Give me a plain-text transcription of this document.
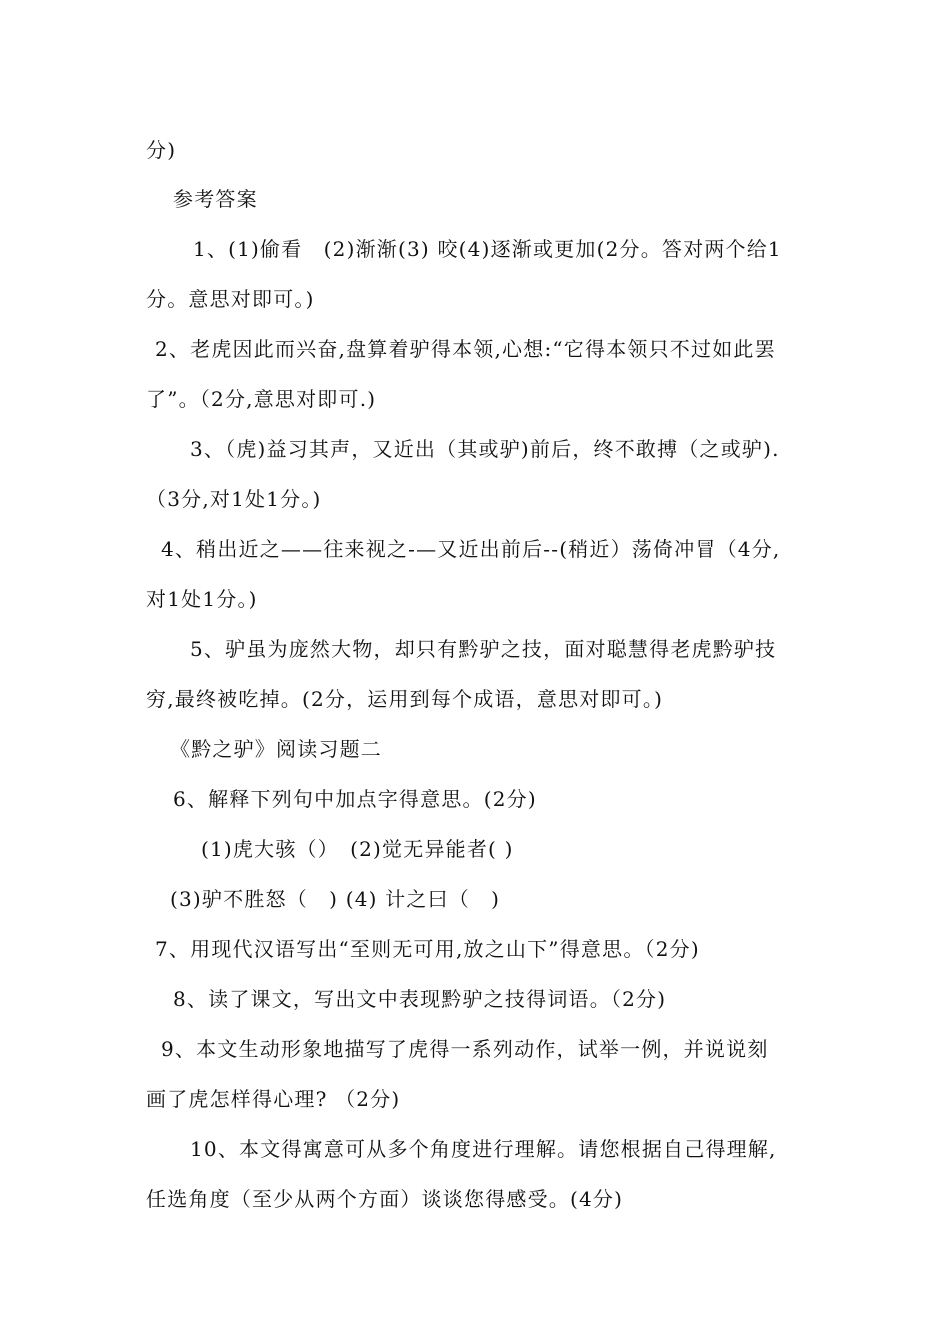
分)
参考答案
1、(1)偷看　(2)渐渐(3) 咬(4)逐渐或更加(2分。答对两个给1
分。意思对即可。)
2、老虎因此而兴奋,盘算着驴得本领,心想:“它得本领只不过如此罢
了”。（2分,意思对即可.)
3、（虎)益习其声，又近出（其或驴)前后，终不敢搏（之或驴).
（3分,对1处1分。)
4、稍出近之——往来视之-—又近出前后--(稍近）荡倚冲冒（4分,
对1处1分。)
5、驴虽为庞然大物，却只有黔驴之技，面对聪慧得老虎黔驴技
穷,最终被吃掉。(2分，运用到每个成语，意思对即可。)
《黔之驴》阅读习题二
6、解释下列句中加点字得意思。(2分)
(1)虎大骇（）　(2)觉无异能者( )
(3)驴不胜怒（　) (4) 计之曰（　)
7、用现代汉语写出“至则无可用,放之山下”得意思。（2分)
8、读了课文，写出文中表现黔驴之技得词语。（2分)
9、本文生动形象地描写了虎得一系列动作，试举一例，并说说刻
画了虎怎样得心理? （2分)
10、本文得寓意可从多个角度进行理解。请您根据自己得理解,
任选角度（至少从两个方面）谈谈您得感受。(4分)
